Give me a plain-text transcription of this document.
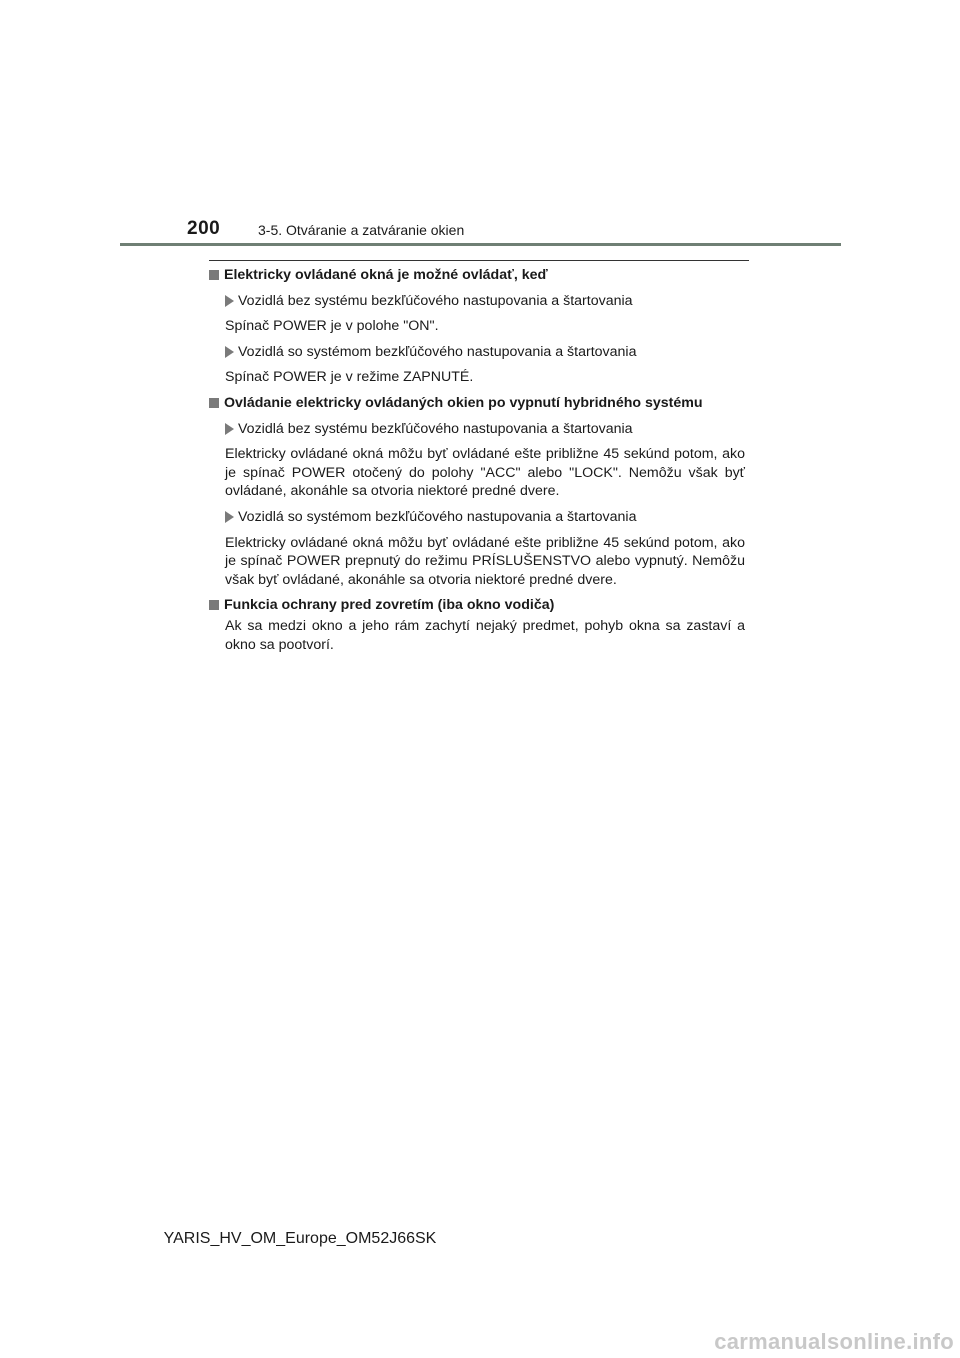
200	3-5. Otváranie a zatváranie okien
Elektricky ovládané okná je možné ovládať, keď
Vozidlá bez systému bezkľúčového nastupovania a štartovania
Spínač POWER je v polohe "ON".
Vozidlá so systémom bezkľúčového nastupovania a štartovania
Spínač POWER je v režime ZAPNUTÉ.
Ovládanie elektricky ovládaných okien po vypnutí hybridného systému
Vozidlá bez systému bezkľúčového nastupovania a štartovania
Elektricky ovládané okná môžu byť ovládané ešte približne 45 sekúnd potom, ako je spínač POWER otočený do polohy "ACC" alebo "LOCK". Nemôžu však byť ovládané, akonáhle sa otvoria niektoré predné dvere.
Vozidlá so systémom bezkľúčového nastupovania a štartovania
Elektricky ovládané okná môžu byť ovládané ešte približne 45 sekúnd potom, ako je spínač POWER prepnutý do režimu PRÍSLUŠENSTVO alebo vypnutý. Nemôžu však byť ovládané, akonáhle sa otvoria niektoré predné dvere.
Funkcia ochrany pred zovretím (iba okno vodiča)
Ak sa medzi okno a jeho rám zachytí nejaký predmet, pohyb okna sa zastaví a okno sa pootvorí.
YARIS_HV_OM_Europe_OM52J66SK
carmanualsonline.info
